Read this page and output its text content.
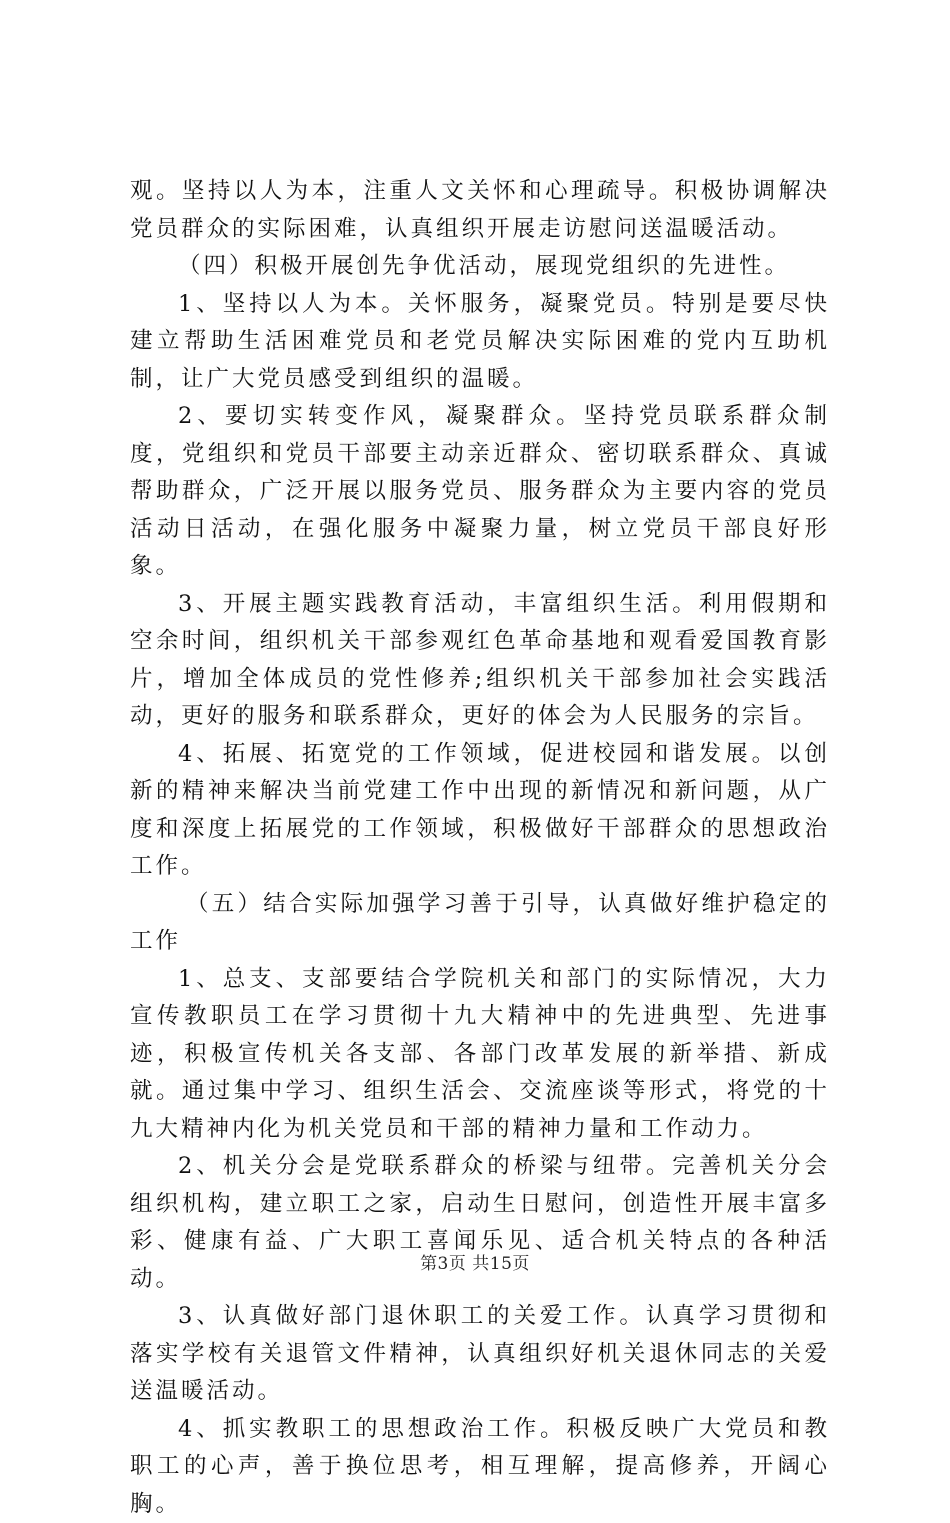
观。坚持以人为本，注重人文关怀和心理疏导。积极协调解决党员群众的实际困难，认真组织开展走访慰问送温暖活动。

（四）积极开展创先争优活动，展现党组织的先进性。

1、坚持以人为本。关怀服务，凝聚党员。特别是要尽快建立帮助生活困难党员和老党员解决实际困难的党内互助机制，让广大党员感受到组织的温暖。

2、要切实转变作风，凝聚群众。坚持党员联系群众制度，党组织和党员干部要主动亲近群众、密切联系群众、真诚帮助群众，广泛开展以服务党员、服务群众为主要内容的党员活动日活动，在强化服务中凝聚力量，树立党员干部良好形象。

3、开展主题实践教育活动，丰富组织生活。利用假期和空余时间，组织机关干部参观红色革命基地和观看爱国教育影片，增加全体成员的党性修养;组织机关干部参加社会实践活动，更好的服务和联系群众，更好的体会为人民服务的宗旨。

4、拓展、拓宽党的工作领域，促进校园和谐发展。以创新的精神来解决当前党建工作中出现的新情况和新问题，从广度和深度上拓展党的工作领域，积极做好干部群众的思想政治工作。

（五）结合实际加强学习善于引导，认真做好维护稳定的工作

1、总支、支部要结合学院机关和部门的实际情况，大力宣传教职员工在学习贯彻十九大精神中的先进典型、先进事迹，积极宣传机关各支部、各部门改革发展的新举措、新成就。通过集中学习、组织生活会、交流座谈等形式，将党的十九大精神内化为机关党员和干部的精神力量和工作动力。

2、机关分会是党联系群众的桥梁与纽带。完善机关分会组织机构，建立职工之家，启动生日慰问，创造性开展丰富多彩、健康有益、广大职工喜闻乐见、适合机关特点的各种活动。

3、认真做好部门退休职工的关爱工作。认真学习贯彻和落实学校有关退管文件精神，认真组织好机关退休同志的关爱送温暖活动。

4、抓实教职工的思想政治工作。积极反映广大党员和教职工的心声，善于换位思考，相互理解，提高修养，开阔心胸。

第3页 共15页
